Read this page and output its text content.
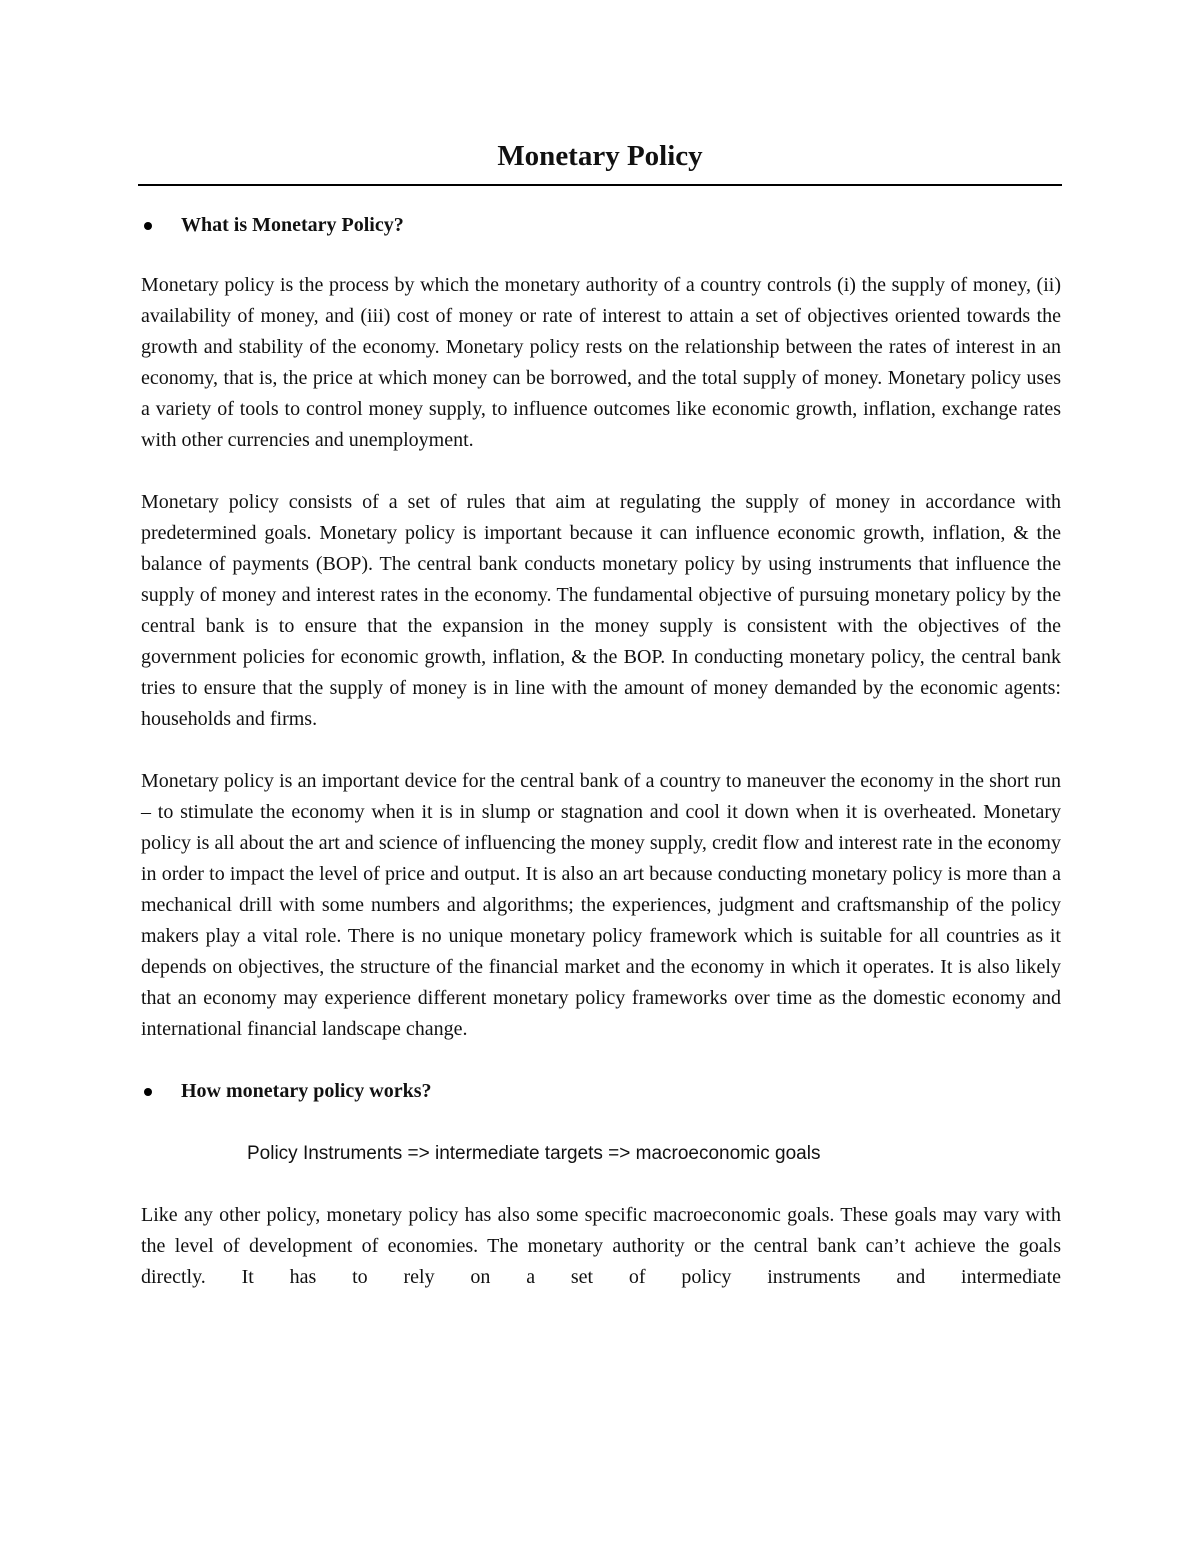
Monetary Policy
What is Monetary Policy?

Monetary policy is the process by which the monetary authority of a country controls (i) the supply of money, (ii) availability of money, and (iii) cost of money or rate of interest to attain a set of objectives oriented towards the growth and stability of the economy. Monetary policy rests on the relationship between the rates of interest in an economy, that is, the price at which money can be borrowed, and the total supply of money. Monetary policy uses a variety of tools to control money supply, to influence outcomes like economic growth, inflation, exchange rates with other currencies and unemployment.

Monetary policy consists of a set of rules that aim at regulating the supply of money in accordance with predetermined goals. Monetary policy is important because it can influence economic growth, inflation, & the balance of payments (BOP). The central bank conducts monetary policy by using instruments that influence the supply of money and interest rates in the economy. The fundamental objective of pursuing monetary policy by the central bank is to ensure that the expansion in the money supply is consistent with the objectives of the government policies for economic growth, inflation, & the BOP. In conducting monetary policy, the central bank tries to ensure that the supply of money is in line with the amount of money demanded by the economic agents: households and firms.

Monetary policy is an important device for the central bank of a country to maneuver the economy in the short run – to stimulate the economy when it is in slump or stagnation and cool it down when it is overheated. Monetary policy is all about the art and science of influencing the money supply, credit flow and interest rate in the economy in order to impact the level of price and output. It is also an art because conducting monetary policy is more than a mechanical drill with some numbers and algorithms; the experiences, judgment and craftsmanship of the policy makers play a vital role. There is no unique monetary policy framework which is suitable for all countries as it depends on objectives, the structure of the financial market and the economy in which it operates. It is also likely that an economy may experience different monetary policy frameworks over time as the domestic economy and international financial landscape change.

How monetary policy works?
Policy Instruments => intermediate targets => macroeconomic goals

Like any other policy, monetary policy has also some specific macroeconomic goals. These goals may vary with the level of development of economies. The monetary authority or the central bank can’t achieve the goals directly. It has to rely on a set of policy instruments and intermediate
